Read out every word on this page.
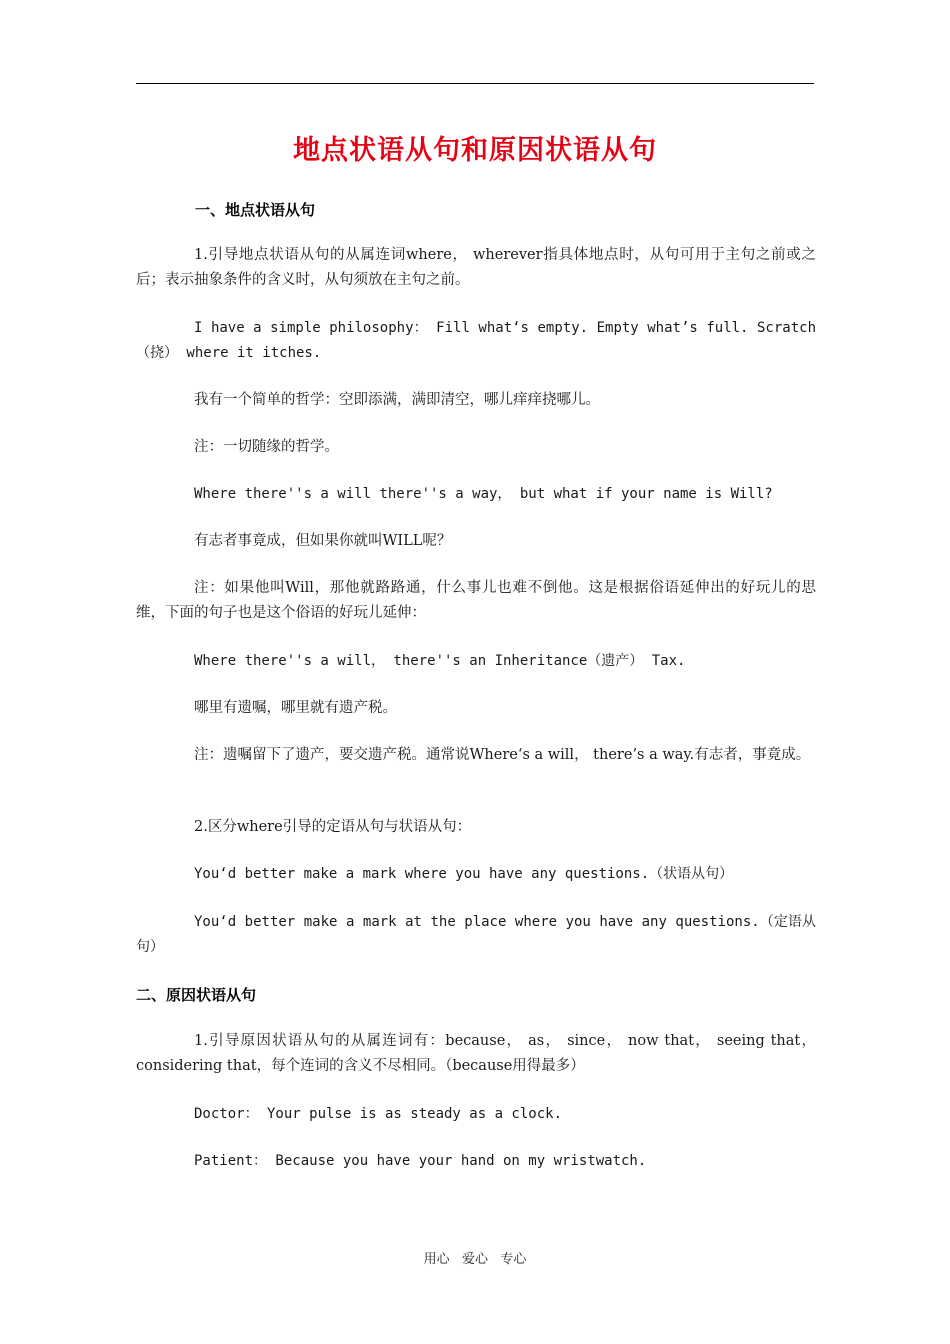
地点状语从句和原因状语从句
一、地点状语从句

1.引导地点状语从句的从属连词where， wherever指具体地点时，从句可用于主句之前或之后；表示抽象条件的含义时，从句须放在主句之前。

I have a simple philosophy： Fill what‘s empty. Empty what’s full. Scratch（挠） where it itches.

我有一个简单的哲学：空即添满，满即清空，哪儿痒痒挠哪儿。

注：一切随缘的哲学。

Where there''s a will there''s a way， but what if your name is Will?

有志者事竟成，但如果你就叫WILL呢？

注：如果他叫Will，那他就路路通，什么事儿也难不倒他。这是根据俗语延伸出的好玩儿的思维，下面的句子也是这个俗语的好玩儿延伸：

Where there''s a will， there''s an Inheritance（遗产） Tax.

哪里有遗嘱，哪里就有遗产税。

注：遗嘱留下了遗产，要交遗产税。通常说Where‘s a will， there’s a way.有志者，事竟成。

2.区分where引导的定语从句与状语从句：

You‘d better make a mark where you have any questions.（状语从句）

You‘d better make a mark at the place where you have any questions.（定语从句）

二、原因状语从句

1.引导原因状语从句的从属连词有：because， as， since， now that， seeing that， considering that，每个连词的含义不尽相同。（because用得最多）

Doctor： Your pulse is as steady as a clock.

Patient： Because you have your hand on my wristwatch.

用心   爱心   专心
